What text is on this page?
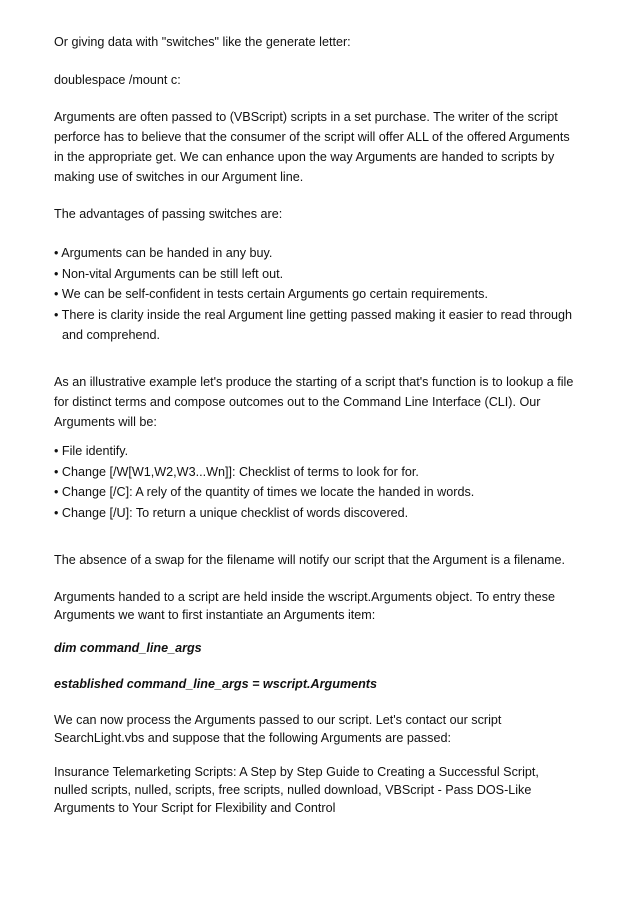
Or giving data with "switches" like the generate letter:

doublespace /mount c:

Arguments are often passed to (VBScript) scripts in a set purchase. The writer of the script
perforce has to believe that the consumer of the script will offer ALL of the offered Arguments
in the appropriate get. We can enhance upon the way Arguments are handed to scripts by
making use of switches in our Argument line.

The advantages of passing switches are:

• Arguments can be handed in any buy.
• Non-vital Arguments can be still left out.
• We can be self-confident in tests certain Arguments go certain requirements.
• There is clarity inside the real Argument line getting passed making it easier to read through
and comprehend.

As an illustrative example let's produce the starting of a script that's function is to lookup a file
for distinct terms and compose outcomes out to the Command Line Interface (CLI). Our
Arguments will be:

• File identify.
• Change [/W[W1,W2,W3...Wn]]: Checklist of terms to look for for.
• Change [/C]: A rely of the quantity of times we locate the handed in words.
• Change [/U]: To return a unique checklist of words discovered.

The absence of a swap for the filename will notify our script that the Argument is a filename.

Arguments handed to a script are held inside the wscript.Arguments object. To entry these
Arguments we want to first instantiate an Arguments item:

dim command_line_args

established command_line_args = wscript.Arguments

We can now process the Arguments passed to our script. Let's contact our script
SearchLight.vbs and suppose that the following Arguments are passed:

Insurance Telemarketing Scripts: A Step by Step Guide to Creating a Successful Script,
nulled scripts, nulled, scripts, free scripts, nulled download, VBScript - Pass DOS-Like
Arguments to Your Script for Flexibility and Control
